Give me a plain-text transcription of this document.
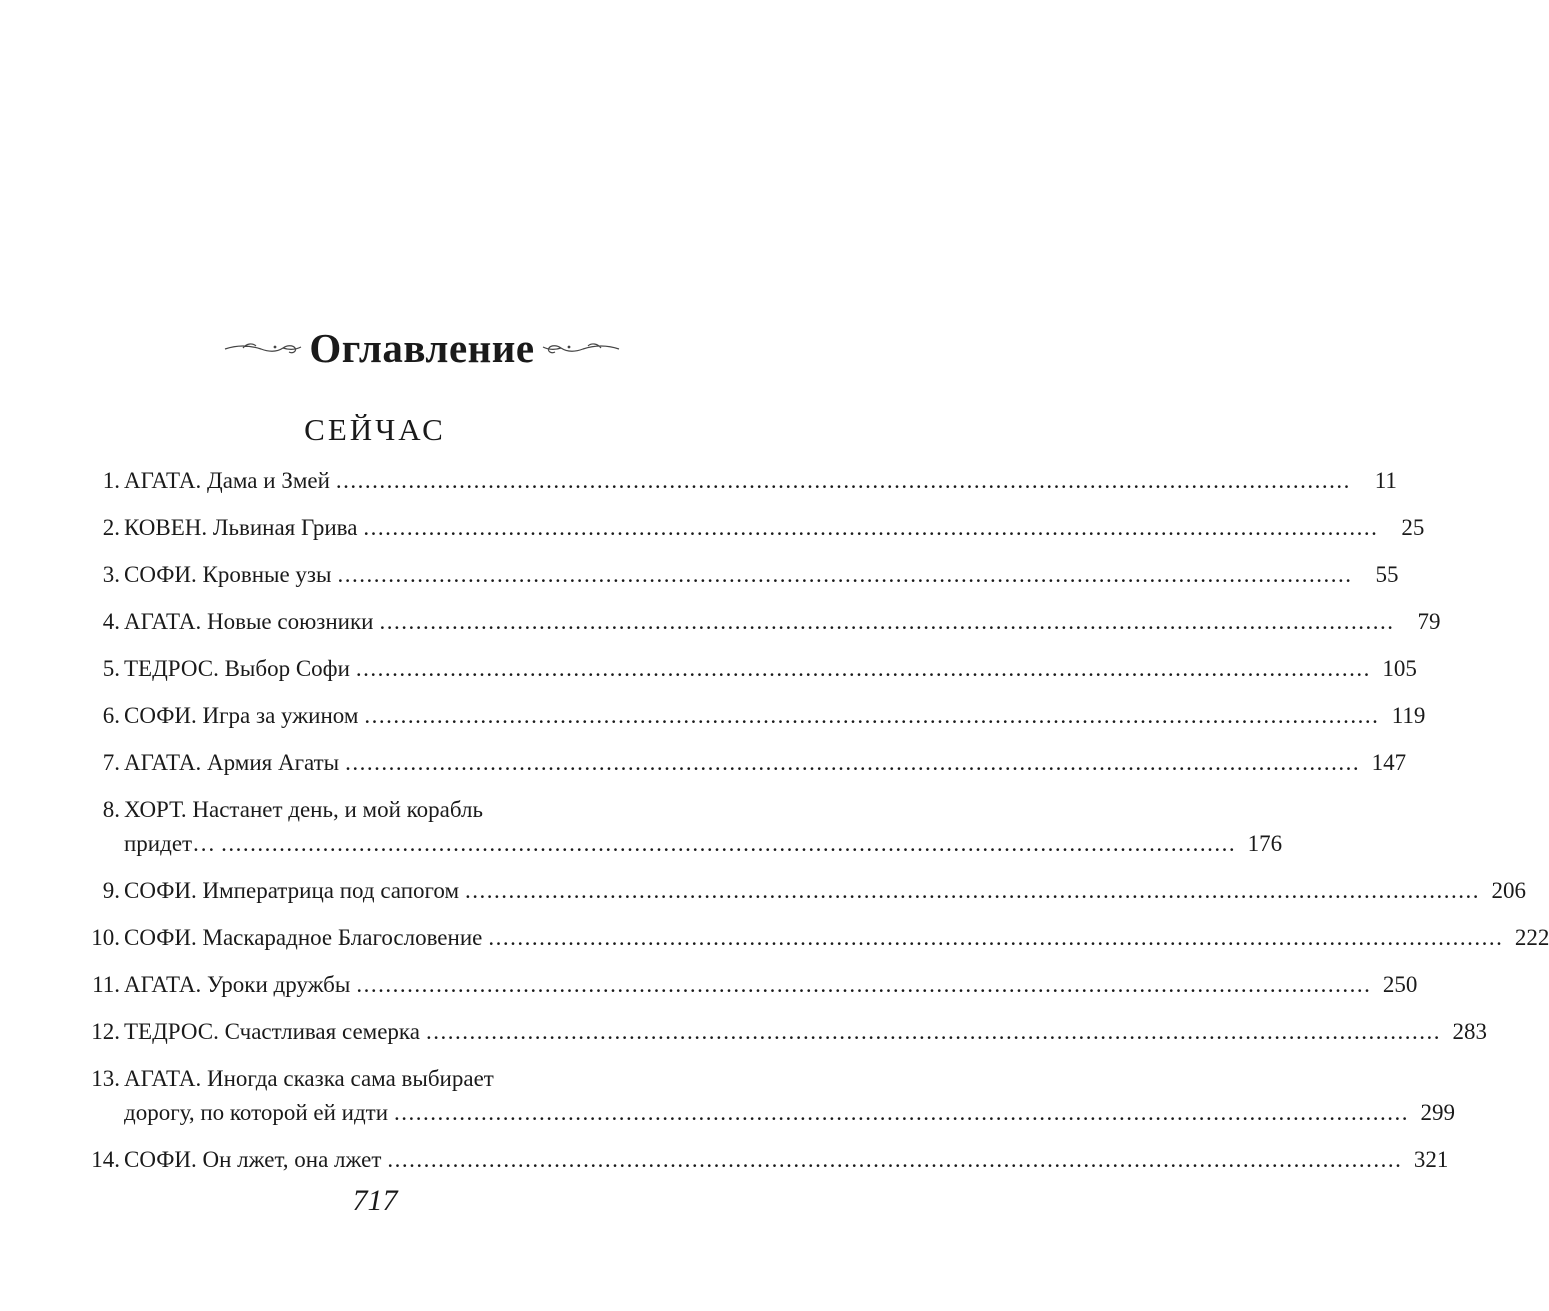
Оглавление
СЕЙЧАС
1. АГАТА. Дама и Змей ............................................................................................................................................	11
2. КОВЕН. Львиная Грива ............................................................................................................................................	25
3. СОФИ. Кровные узы ............................................................................................................................................	55
4. АГАТА. Новые союзники ............................................................................................................................................	79
5. ТЕДРОС. Выбор Софи ............................................................................................................................................ 105
6. СОФИ. Игра за ужином ............................................................................................................................................ 119
7. АГАТА. Армия Агаты ............................................................................................................................................ 147
8. ХОРТ. Настанет день, и мой корабль
придет… ............................................................................................................................................ 176
9. СОФИ. Императрица под сапогом ............................................................................................................................................ 206
10. СОФИ. Маскарадное Благословение ............................................................................................................................................ 222
11. АГАТА. Уроки дружбы ............................................................................................................................................ 250
12. ТЕДРОС. Счастливая семерка ............................................................................................................................................ 283
13. АГАТА. Иногда сказка сама выбирает
дорогу, по которой ей идти ............................................................................................................................................ 299
14. СОФИ. Он лжет, она лжет ............................................................................................................................................ 321
717
